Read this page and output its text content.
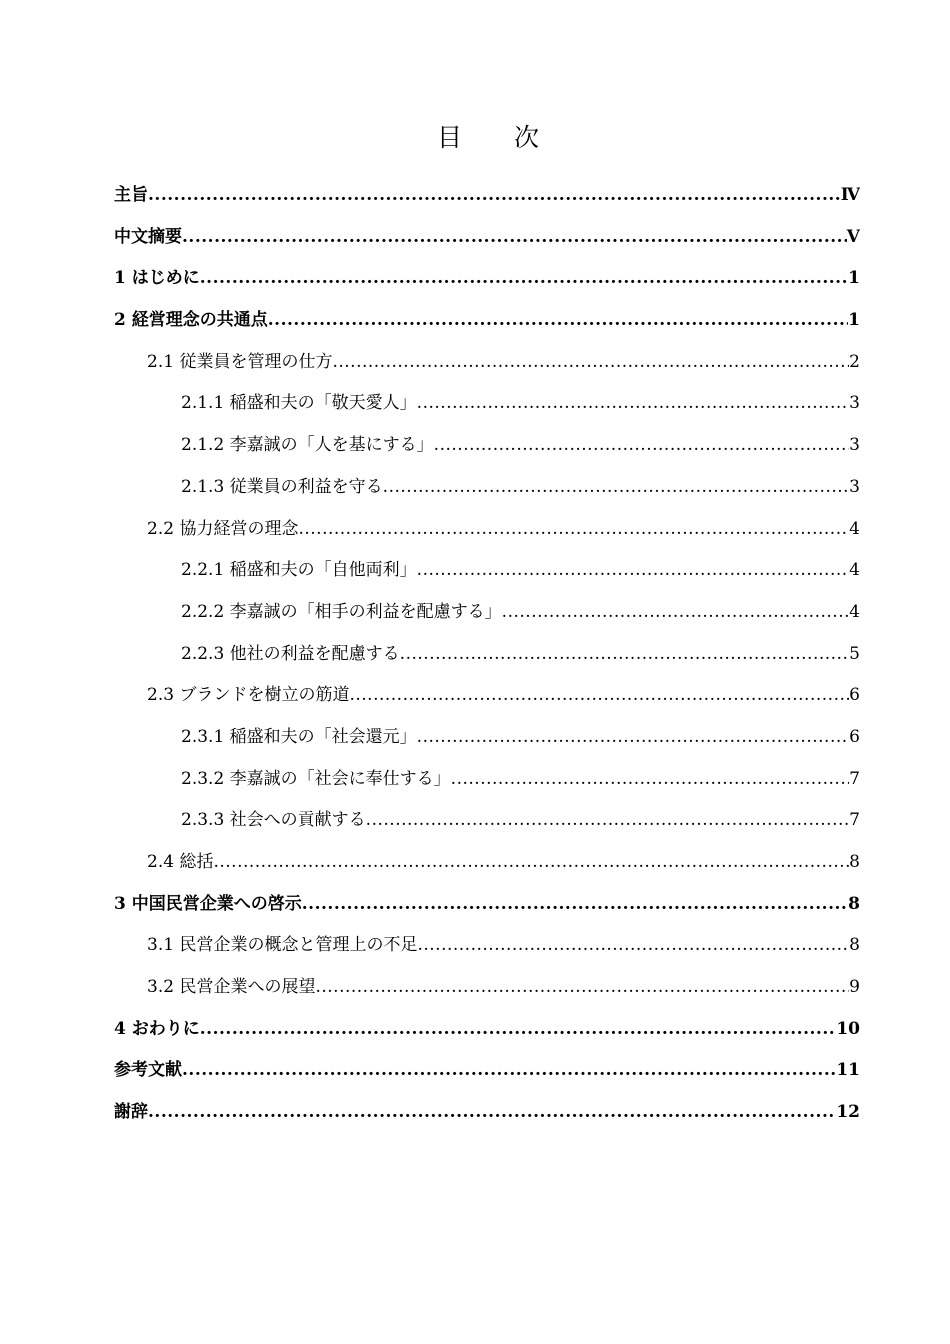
目 次
主旨 .....	Ⅳ
中文摘要 .....	Ⅴ
1 はじめに .....	1
2 経営理念の共通点 .....	1
2.1 従業員を管理の仕方 .....	2
2.1.1 稲盛和夫の「敬天愛人」 .....	3
2.1.2 李嘉誠の「人を基にする」 .....	3
2.1.3 従業員の利益を守る .....	3
2.2 協力経営の理念 .....	4
2.2.1 稲盛和夫の「自他両利」 .....	4
2.2.2 李嘉誠の「相手の利益を配慮する」 .....	4
2.2.3 他社の利益を配慮する .....	5
2.3 ブランドを樹立の筋道 .....	6
2.3.1 稲盛和夫の「社会還元」 .....	6
2.3.2 李嘉誠の「社会に奉仕する」 .....	7
2.3.3 社会への貢献する .....	7
2.4 総括 .....	8
3 中国民営企業への啓示 .....	8
3.1 民営企業の概念と管理上の不足 .....	8
3.2 民営企業への展望 .....	9
4 おわりに .....	10
参考文献 .....	11
謝辞 .....	12
